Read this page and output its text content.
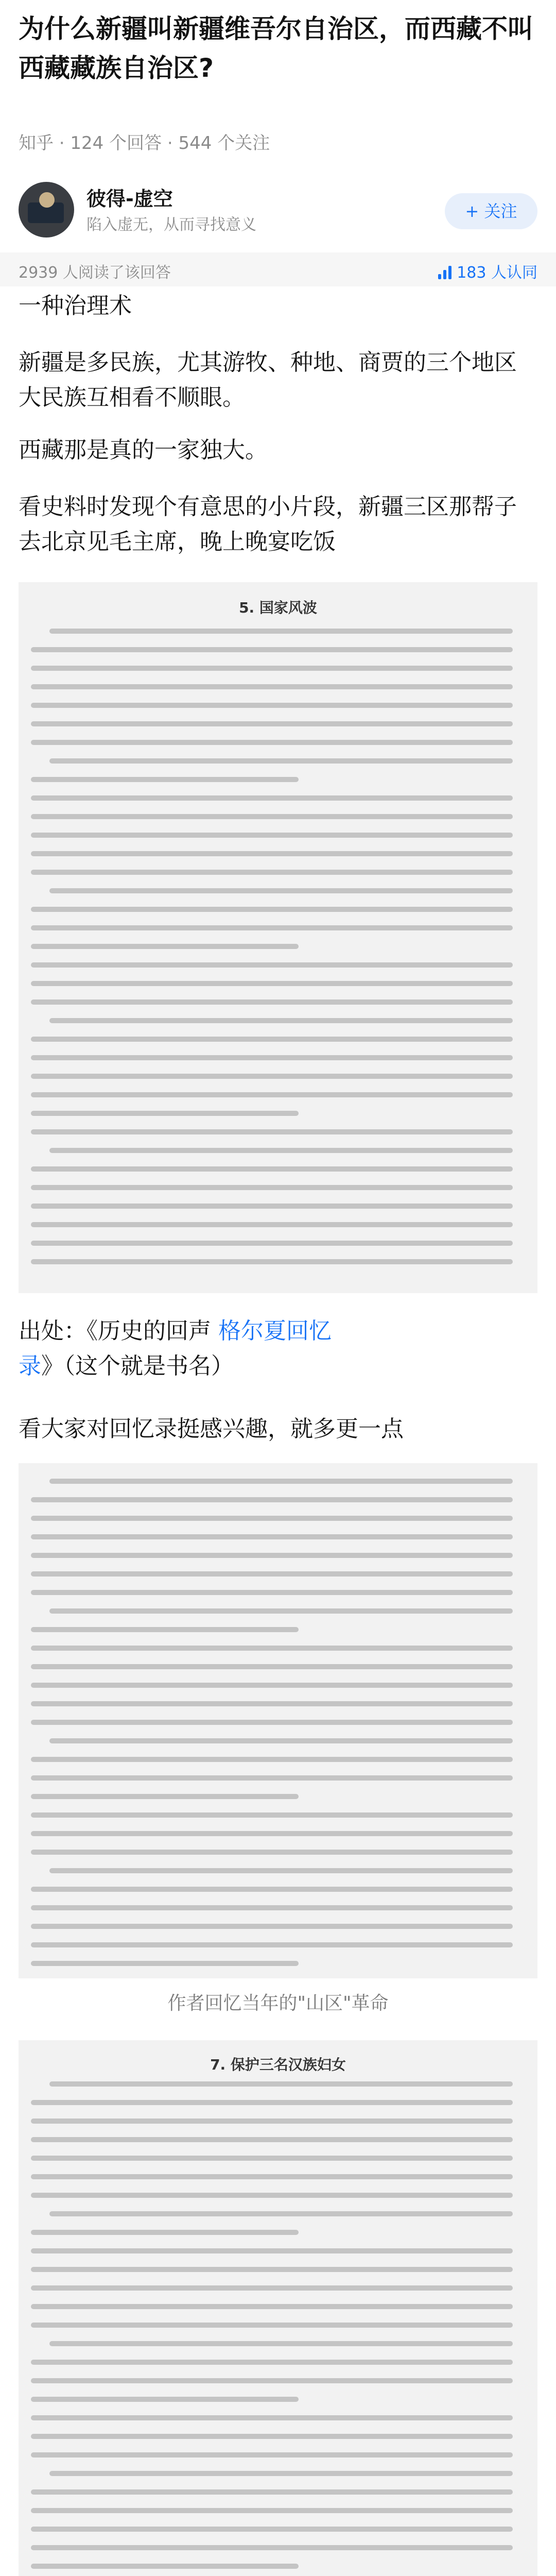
为什么新疆叫新疆维吾尔自治区，而西藏不叫西藏藏族自治区?
知乎 · 124 个回答 · 544 个关注
彼得-虚空
陷入虚无，从而寻找意义
+ 关注
2939 人阅读了该回答	183 人认同

一种治理术

新疆是多民族，尤其游牧、种地、商贾的三个地区大民族互相看不顺眼。

西藏那是真的一家独大。

看史料时发现个有意思的小片段，新疆三区那帮子去北京见毛主席，晚上晚宴吃饭

5. 国家风波

出处：《历史的回声 格尔夏回忆录》（这个就是书名）

看大家对回忆录挺感兴趣，就多更一点

作者回忆当年的"山区"革命
7. 保护三名汉族妇女
